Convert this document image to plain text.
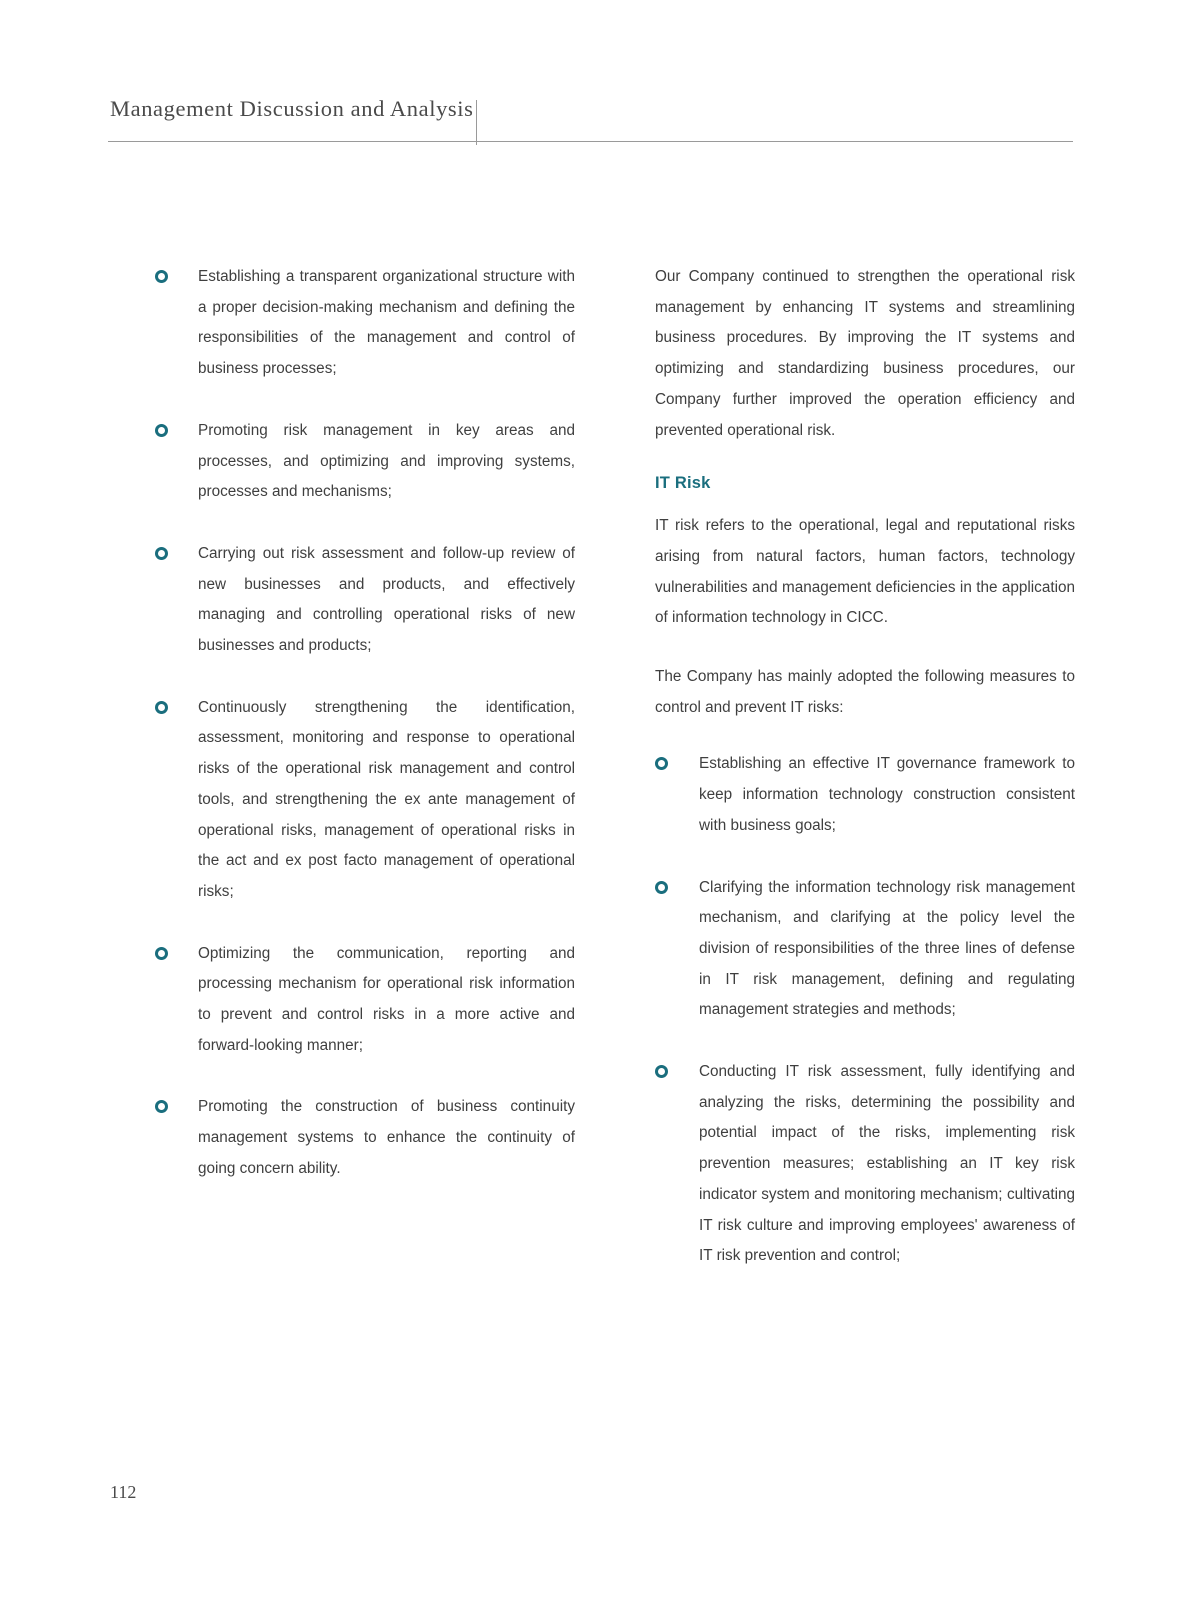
Management Discussion and Analysis
Establishing a transparent organizational structure with a proper decision-making mechanism and defining the responsibilities of the management and control of business processes;
Promoting risk management in key areas and processes, and optimizing and improving systems, processes and mechanisms;
Carrying out risk assessment and follow-up review of new businesses and products, and effectively managing and controlling operational risks of new businesses and products;
Continuously strengthening the identification, assessment, monitoring and response to operational risks of the operational risk management and control tools, and strengthening the ex ante management of operational risks, management of operational risks in the act and ex post facto management of operational risks;
Optimizing the communication, reporting and processing mechanism for operational risk information to prevent and control risks in a more active and forward-looking manner;
Promoting the construction of business continuity management systems to enhance the continuity of going concern ability.
Our Company continued to strengthen the operational risk management by enhancing IT systems and streamlining business procedures. By improving the IT systems and optimizing and standardizing business procedures, our Company further improved the operation efficiency and prevented operational risk.
IT Risk
IT risk refers to the operational, legal and reputational risks arising from natural factors, human factors, technology vulnerabilities and management deficiencies in the application of information technology in CICC.
The Company has mainly adopted the following measures to control and prevent IT risks:
Establishing an effective IT governance framework to keep information technology construction consistent with business goals;
Clarifying the information technology risk management mechanism, and clarifying at the policy level the division of responsibilities of the three lines of defense in IT risk management, defining and regulating management strategies and methods;
Conducting IT risk assessment, fully identifying and analyzing the risks, determining the possibility and potential impact of the risks, implementing risk prevention measures; establishing an IT key risk indicator system and monitoring mechanism; cultivating IT risk culture and improving employees' awareness of IT risk prevention and control;
112
